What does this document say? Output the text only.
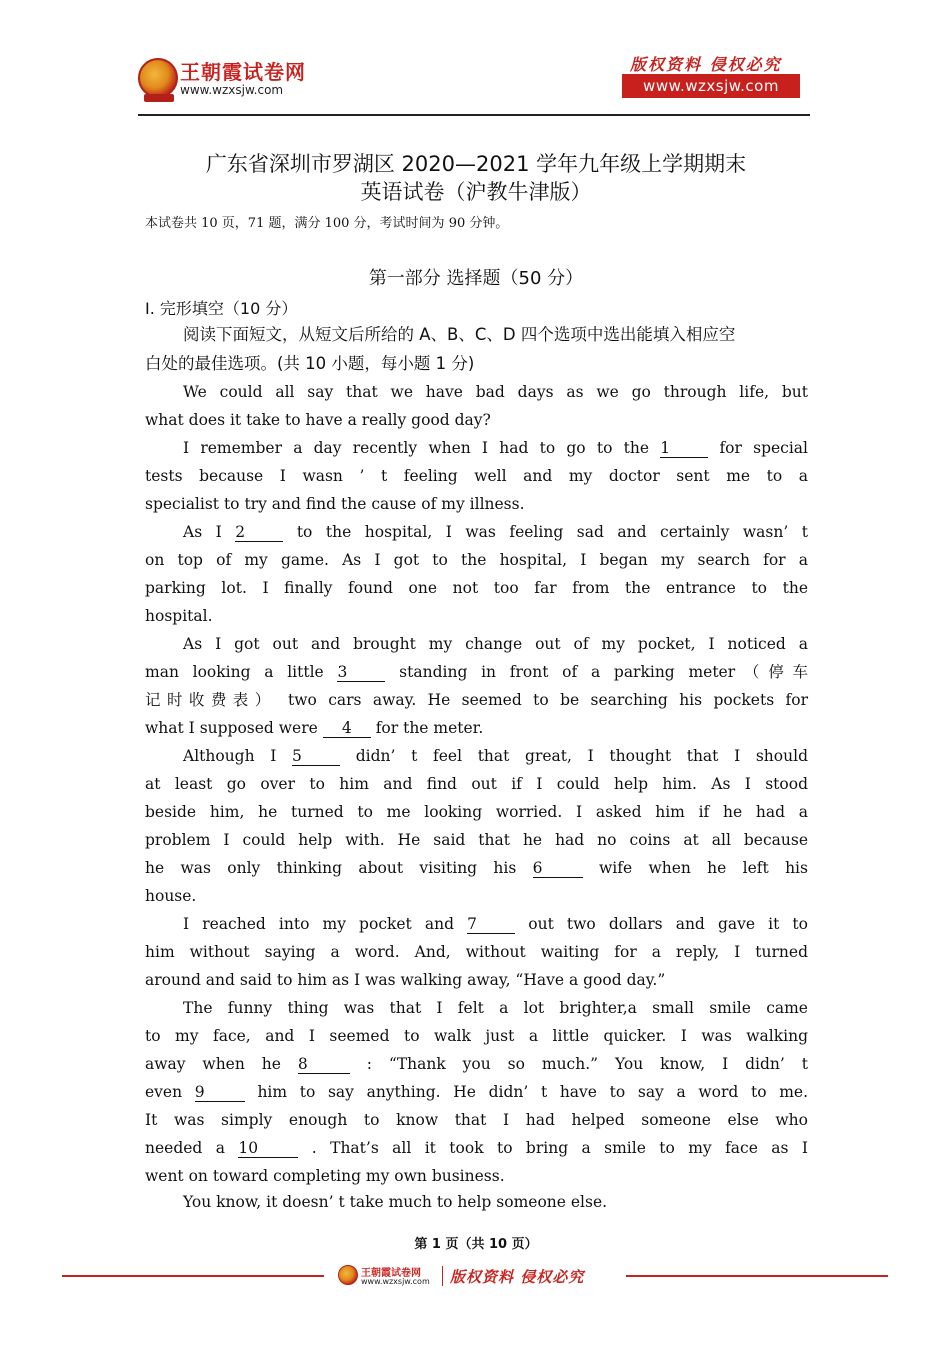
王朝霞试卷网
www.wzxsjw.com
版权资料 侵权必究
www.wzxsjw.com
广东省深圳市罗湖区 2020—2021 学年九年级上学期期末
英语试卷（沪教牛津版）
本试卷共 10 页，71 题，满分 100 分，考试时间为 90 分钟。
第一部分 选择题（50 分）
Ⅰ. 完形填空（10 分）
阅读下面短文，从短文后所给的 A、B、C、D 四个选项中选出能填入相应空
白处的最佳选项。(共 10 小题，每小题 1 分)
We could all say that we have bad days as we go through life, but
what does it take to have a really good day?
I remember a day recently when I had to go to the 1	for special
tests because I wasn ’ t feeling well and my doctor sent me to a
specialist to try and find the cause of my illness.
As I 2	to the hospital, I was feeling sad and certainly wasn’ t
on top of my game. As I got to the hospital, I began my search for a
parking lot. I finally found one not too far from the entrance to the
hospital.
As I got out and brought my change out of my pocket, I noticed a
man looking a little 3	standing in front of a parking meter（停车
记时收费表） two cars away. He seemed to be searching his pockets for
what I supposed were 4 for the meter.
Although I 5	didn’ t feel that great, I thought that I should
at least go over to him and find out if I could help him. As I stood
beside him, he turned to me looking worried. I asked him if he had a
problem I could help with. He said that he had no coins at all because
he was only thinking about visiting his 6	wife when he left his
house.
I reached into my pocket and 7	out two dollars and gave it to
him without saying a word. And, without waiting for a reply, I turned
around and said to him as I was walking away, “Have a good day.”
The funny thing was that I felt a lot brighter,a small smile came
to my face, and I seemed to walk just a little quicker. I was walking
away when he 8	: “Thank you so much.” You know, I didn’ t
even 9	him to say anything. He didn’ t have to say a word to me.
It was simply enough to know that I had helped someone else who
needed a 10	. That’s all it took to bring a smile to my face as I
went on toward completing my own business.
You know, it doesn’ t take much to help someone else.
第 1 页（共 10 页）
王朝霞试卷网
www.wzxsjw.com 版权资料 侵权必究
